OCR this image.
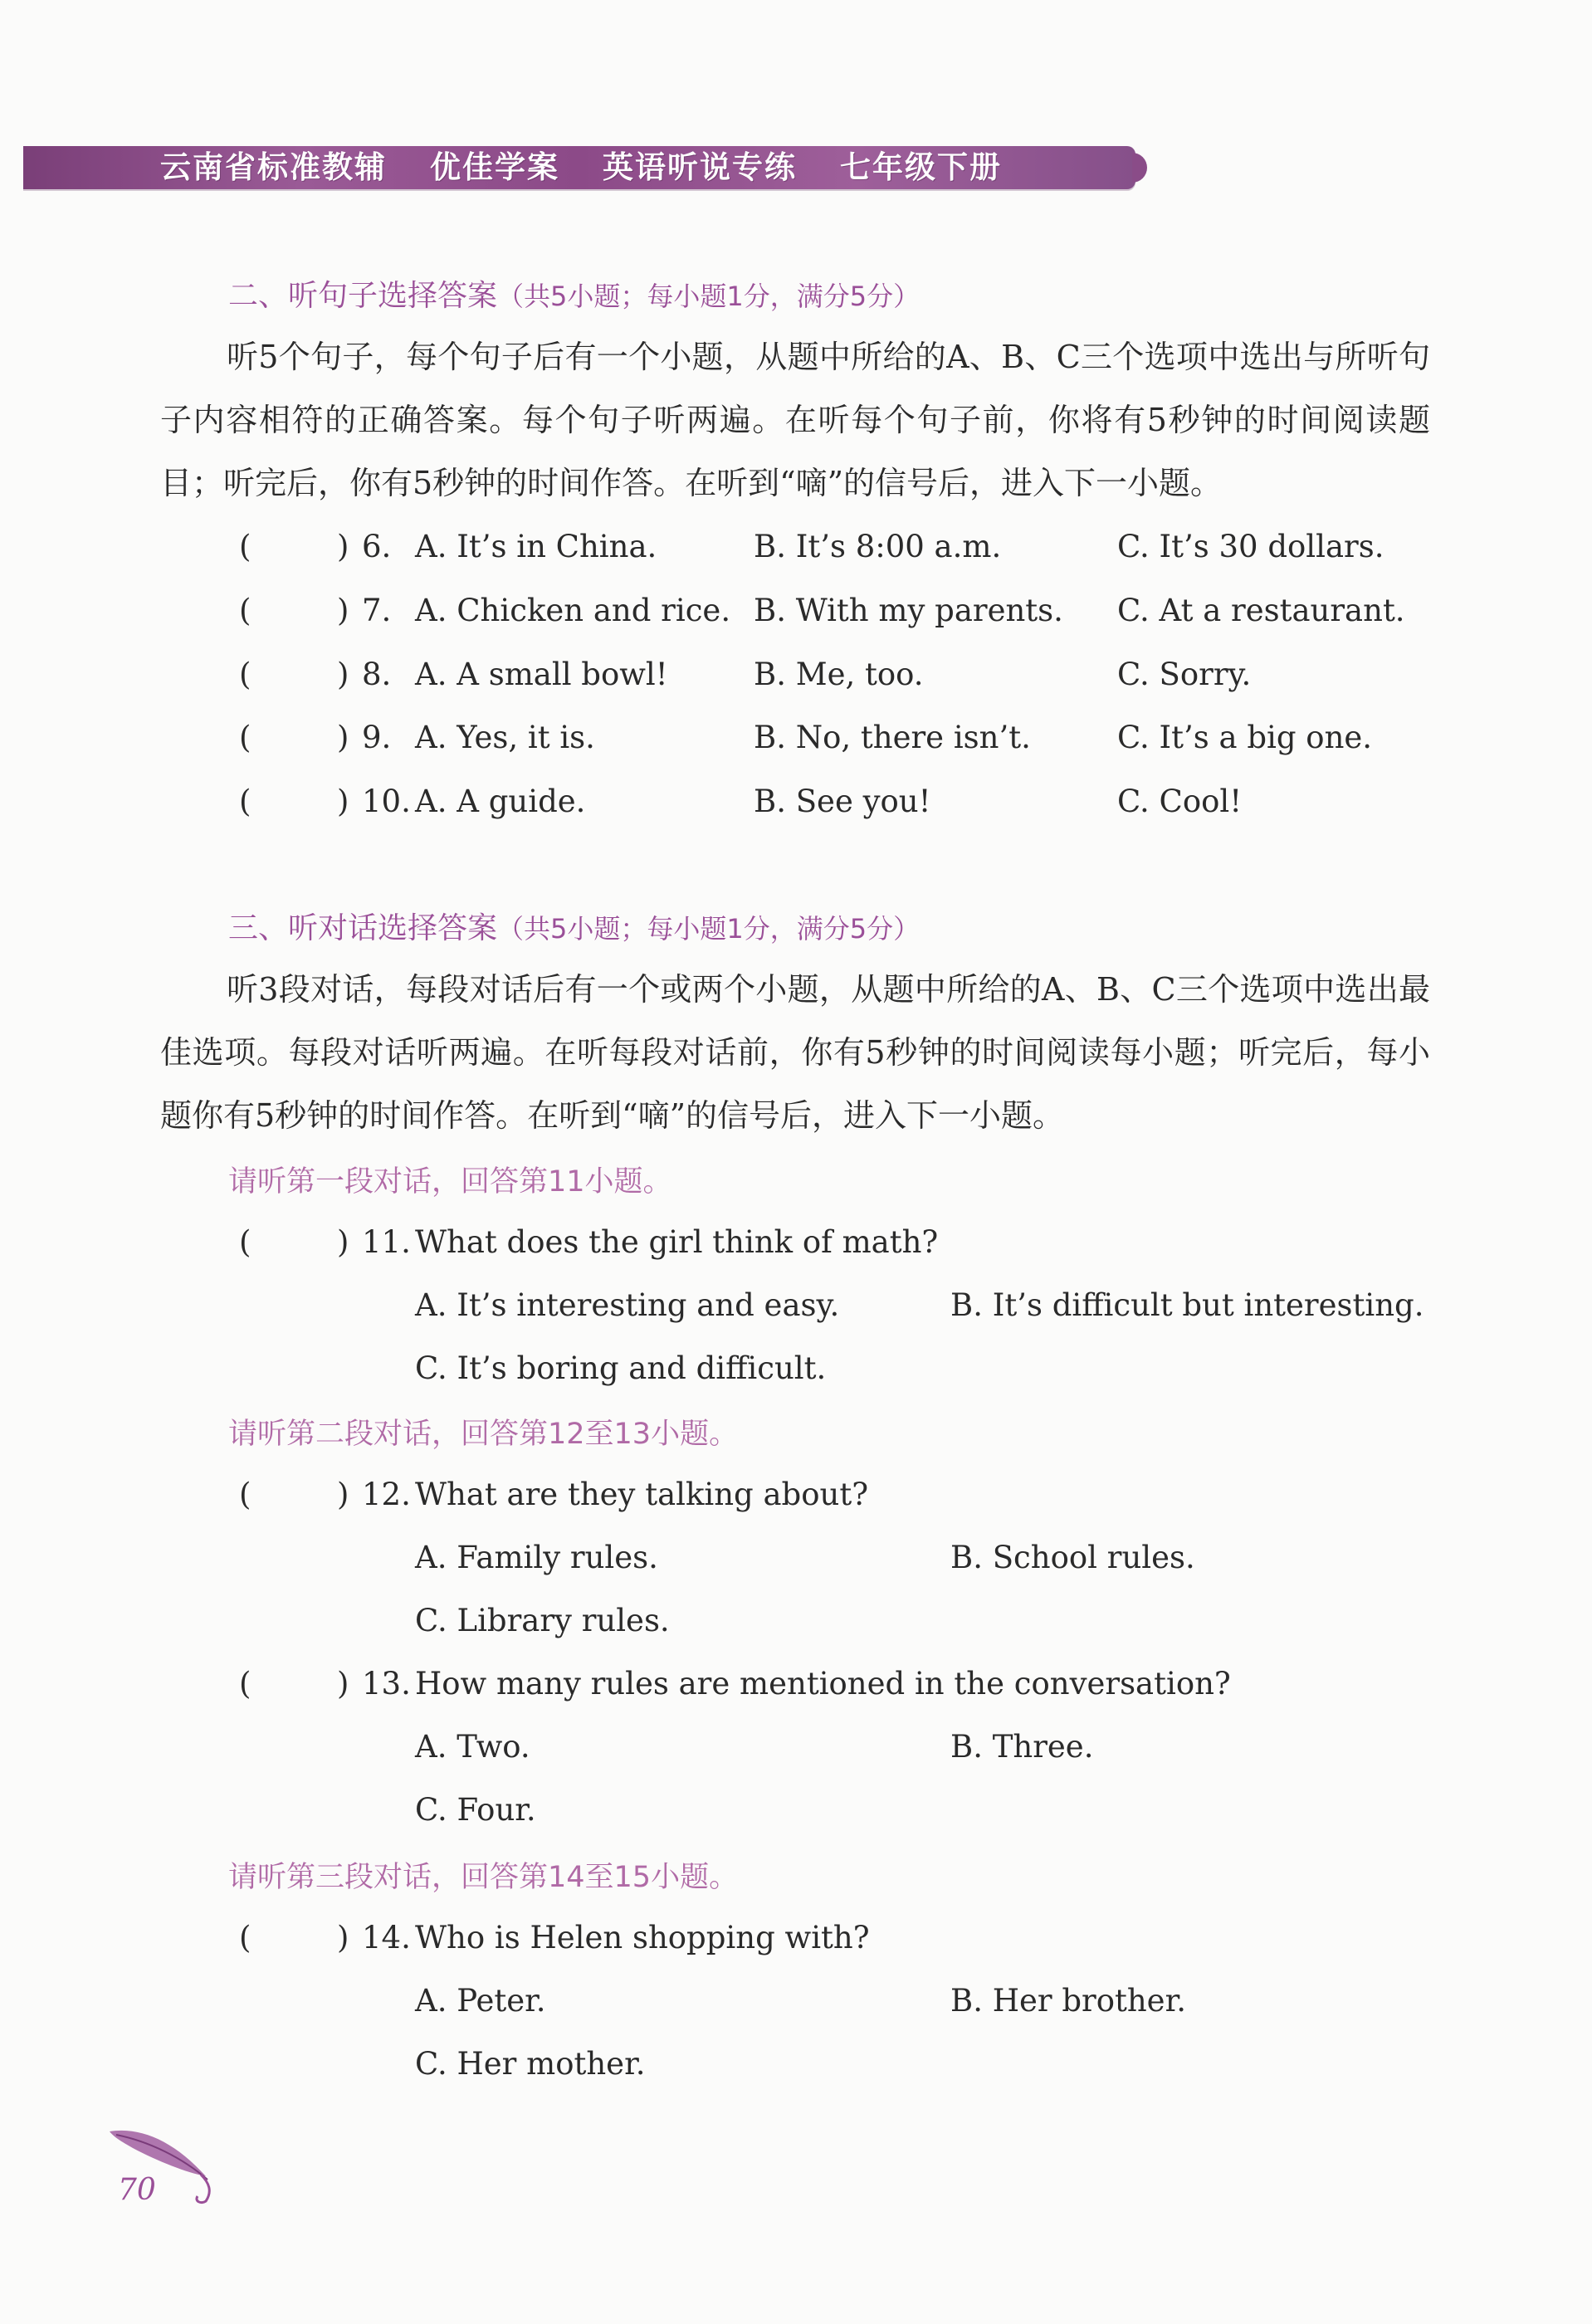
云南省标准教辅 优佳学案 英语听说专练 七年级下册
二、听句子选择答案（共5小题；每小题1分，满分5分）
听5个句子，每个句子后有一个小题，从题中所给的A、B、C三个选项中选出与所听句子内容相符的正确答案。每个句子听两遍。在听每个句子前，你将有5秒钟的时间阅读题目；听完后，你有5秒钟的时间作答。在听到“嘀”的信号后，进入下一小题。
(	) 6. A. It’s in China.	B. It’s 8:00 a.m.	C. It’s 30 dollars.
(	) 7. A. Chicken and rice. B. With my parents. C. At a restaurant.
(	) 8. A. A small bowl!	B. Me, too.	C. Sorry.
(	) 9. A. Yes, it is.	B. No, there isn’t.	C. It’s a big one.
(	) 10. A. A guide.	B. See you!	C. Cool!
三、听对话选择答案（共5小题；每小题1分，满分5分）
听3段对话，每段对话后有一个或两个小题，从题中所给的A、B、C三个选项中选出最佳选项。每段对话听两遍。在听每段对话前，你有5秒钟的时间阅读每小题；听完后，每小题你有5秒钟的时间作答。在听到“嘀”的信号后，进入下一小题。
请听第一段对话，回答第11小题。
(	) 11. What does the girl think of math?
A. It’s interesting and easy.	B. It’s difficult but interesting.
C. It’s boring and difficult.
请听第二段对话，回答第12至13小题。
(	) 12. What are they talking about?
A. Family rules.	B. School rules.
C. Library rules.
(	) 13. How many rules are mentioned in the conversation?
A. Two.	B. Three.
C. Four.
请听第三段对话，回答第14至15小题。
(	) 14. Who is Helen shopping with?
A. Peter.	B. Her brother.
C. Her mother.
70
